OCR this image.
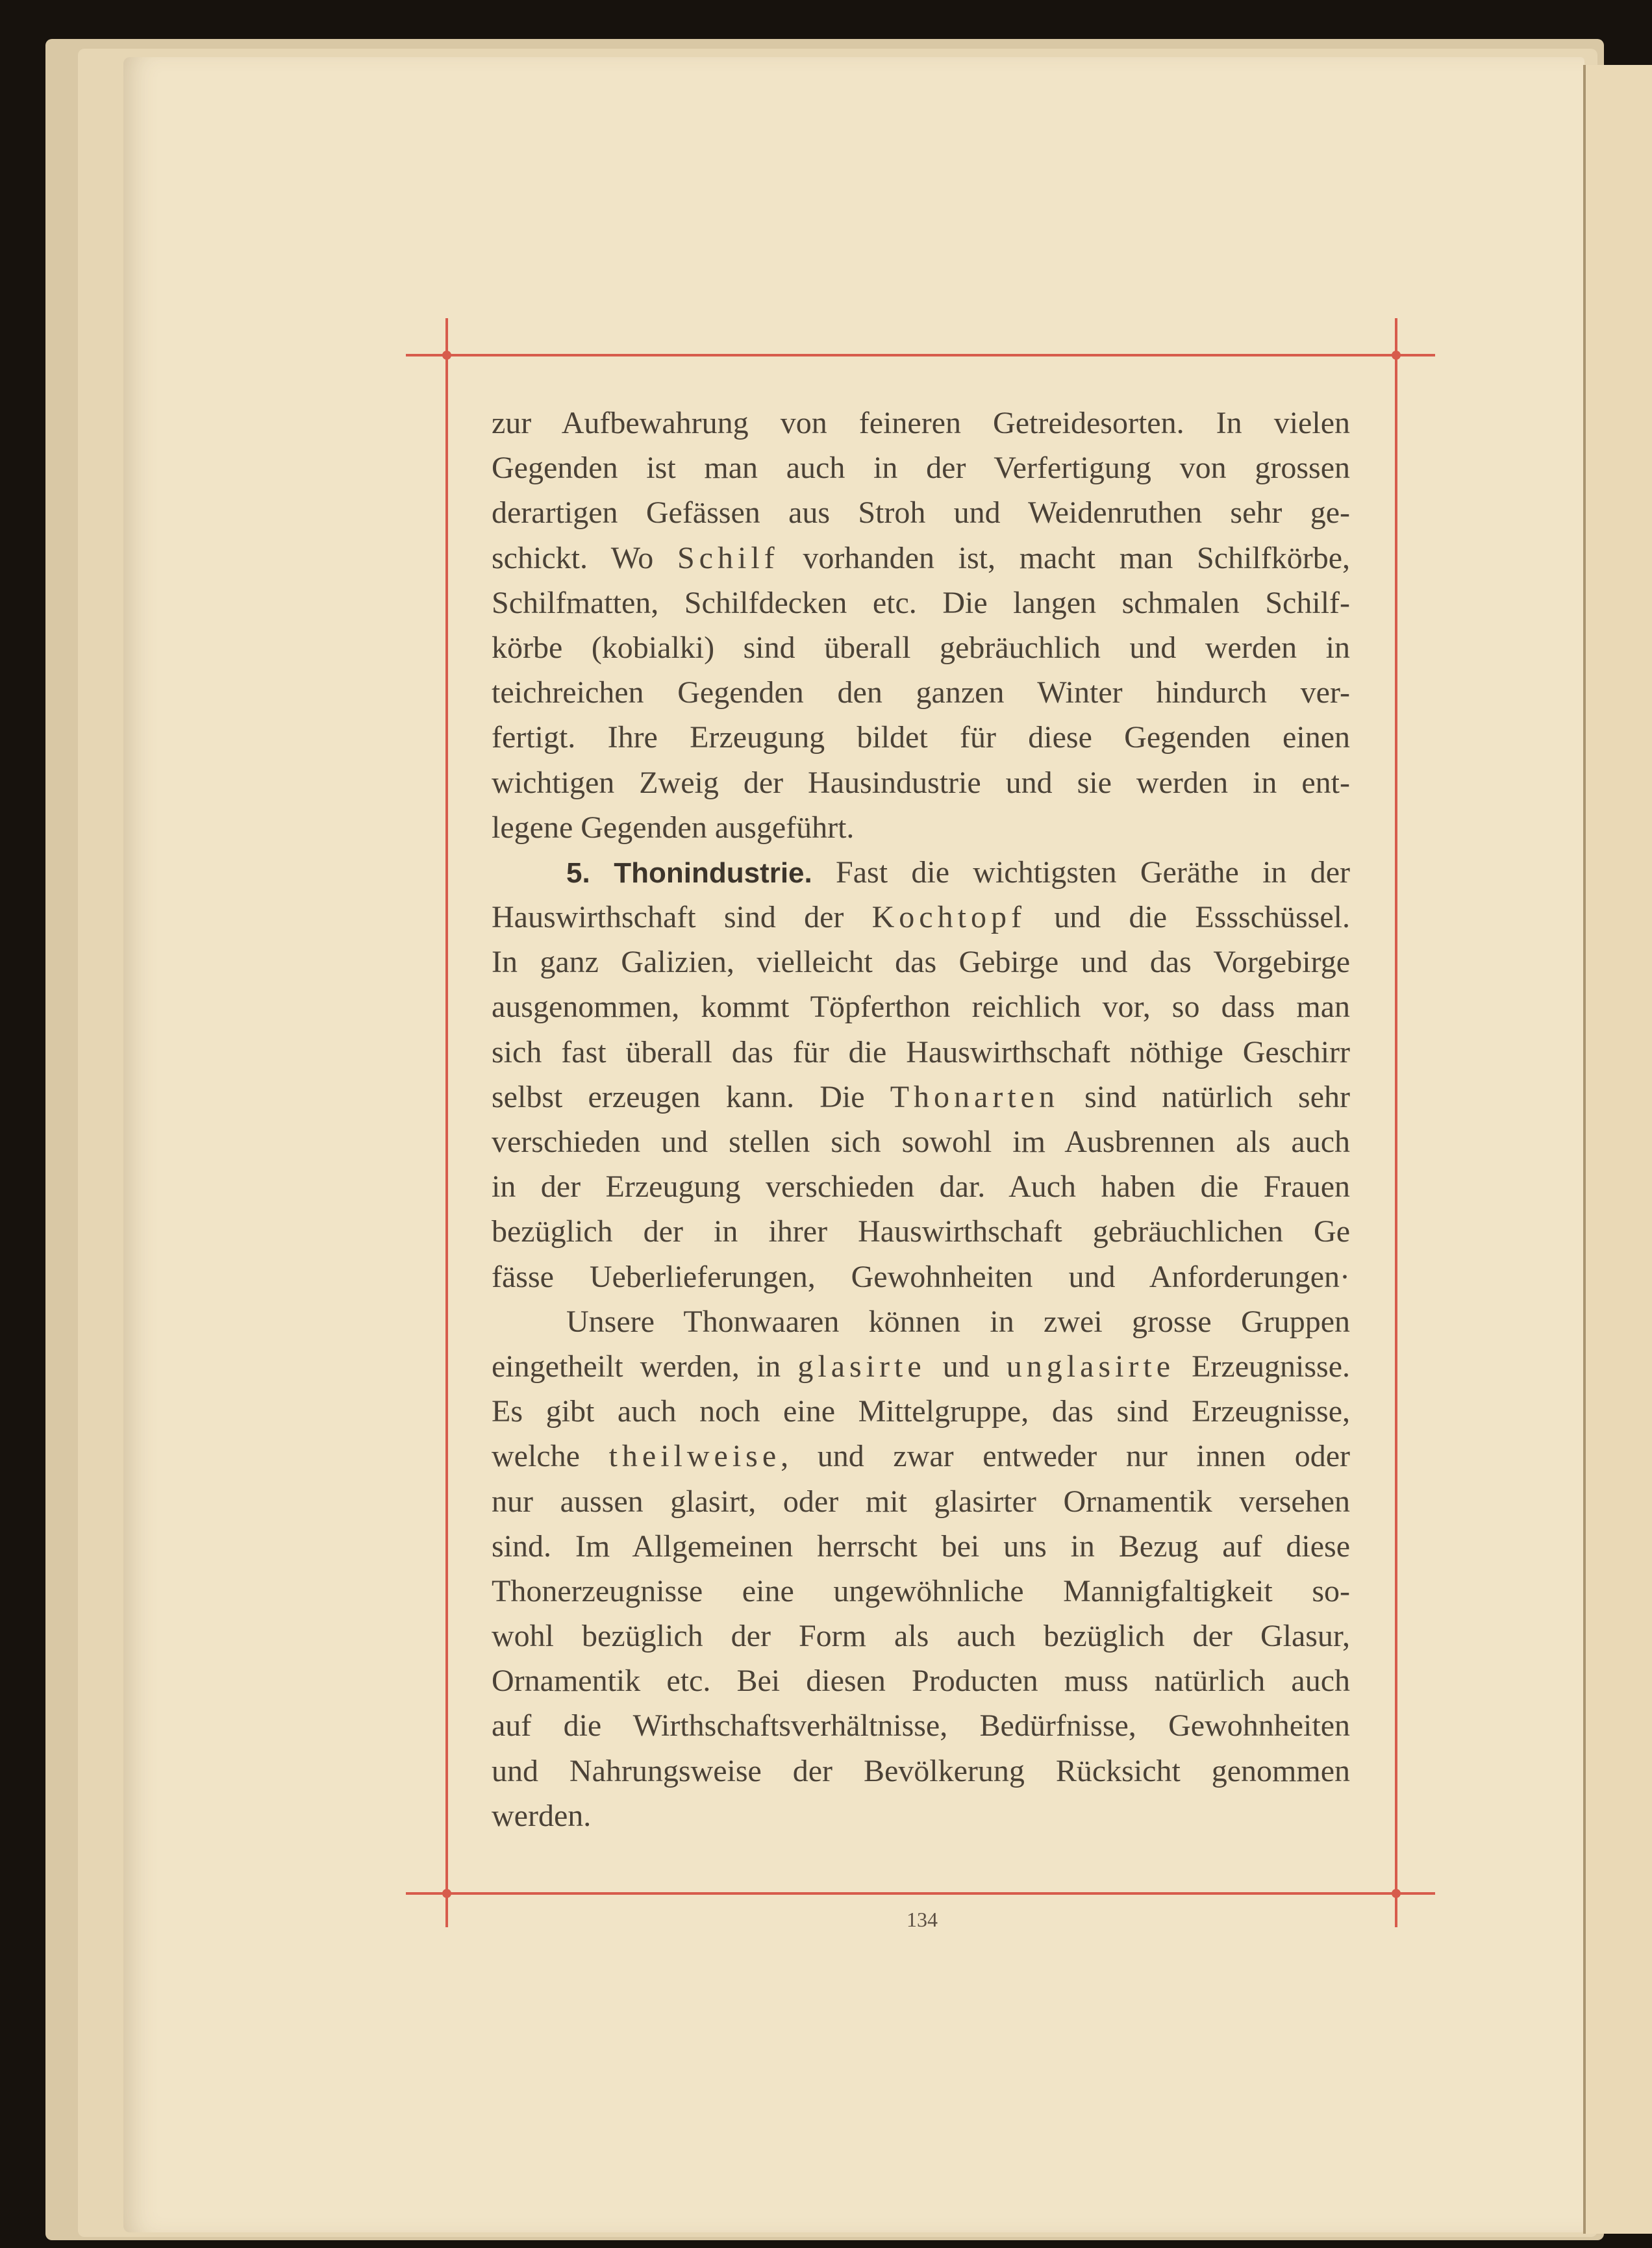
zur Aufbewahrung von feineren Getreidesorten. In vielen
Gegenden ist man auch in der Verfertigung von grossen
derartigen Gefässen aus Stroh und Weidenruthen sehr ge-
schickt. Wo Schilf vorhanden ist, macht man Schilfkörbe,
Schilfmatten, Schilfdecken etc. Die langen schmalen Schilf-
körbe (kobialki) sind überall gebräuchlich und werden in
teichreichen Gegenden den ganzen Winter hindurch ver-
fertigt. Ihre Erzeugung bildet für diese Gegenden einen
wichtigen Zweig der Hausindustrie und sie werden in ent-
legene Gegenden ausgeführt.
5. Thonindustrie. Fast die wichtigsten Geräthe in der
Hauswirthschaft sind der Kochtopf und die Essschüssel.
In ganz Galizien, vielleicht das Gebirge und das Vorgebirge
ausgenommen, kommt Töpferthon reichlich vor, so dass man
sich fast überall das für die Hauswirthschaft nöthige Geschirr
selbst erzeugen kann. Die Thonarten sind natürlich sehr
verschieden und stellen sich sowohl im Ausbrennen als auch
in der Erzeugung verschieden dar. Auch haben die Frauen
bezüglich der in ihrer Hauswirthschaft gebräuchlichen Ge
fässe Ueberlieferungen, Gewohnheiten und Anforderungen·
Unsere Thonwaaren können in zwei grosse Gruppen
eingetheilt werden, in glasirte und unglasirte Erzeugnisse.
Es gibt auch noch eine Mittelgruppe, das sind Erzeugnisse,
welche theilweise, und zwar entweder nur innen oder
nur aussen glasirt, oder mit glasirter Ornamentik versehen
sind. Im Allgemeinen herrscht bei uns in Bezug auf diese
Thonerzeugnisse eine ungewöhnliche Mannigfaltigkeit so-
wohl bezüglich der Form als auch bezüglich der Glasur,
Ornamentik etc. Bei diesen Producten muss natürlich auch
auf die Wirthschaftsverhältnisse, Bedürfnisse, Gewohnheiten
und Nahrungsweise der Bevölkerung Rücksicht genommen
werden.
134
